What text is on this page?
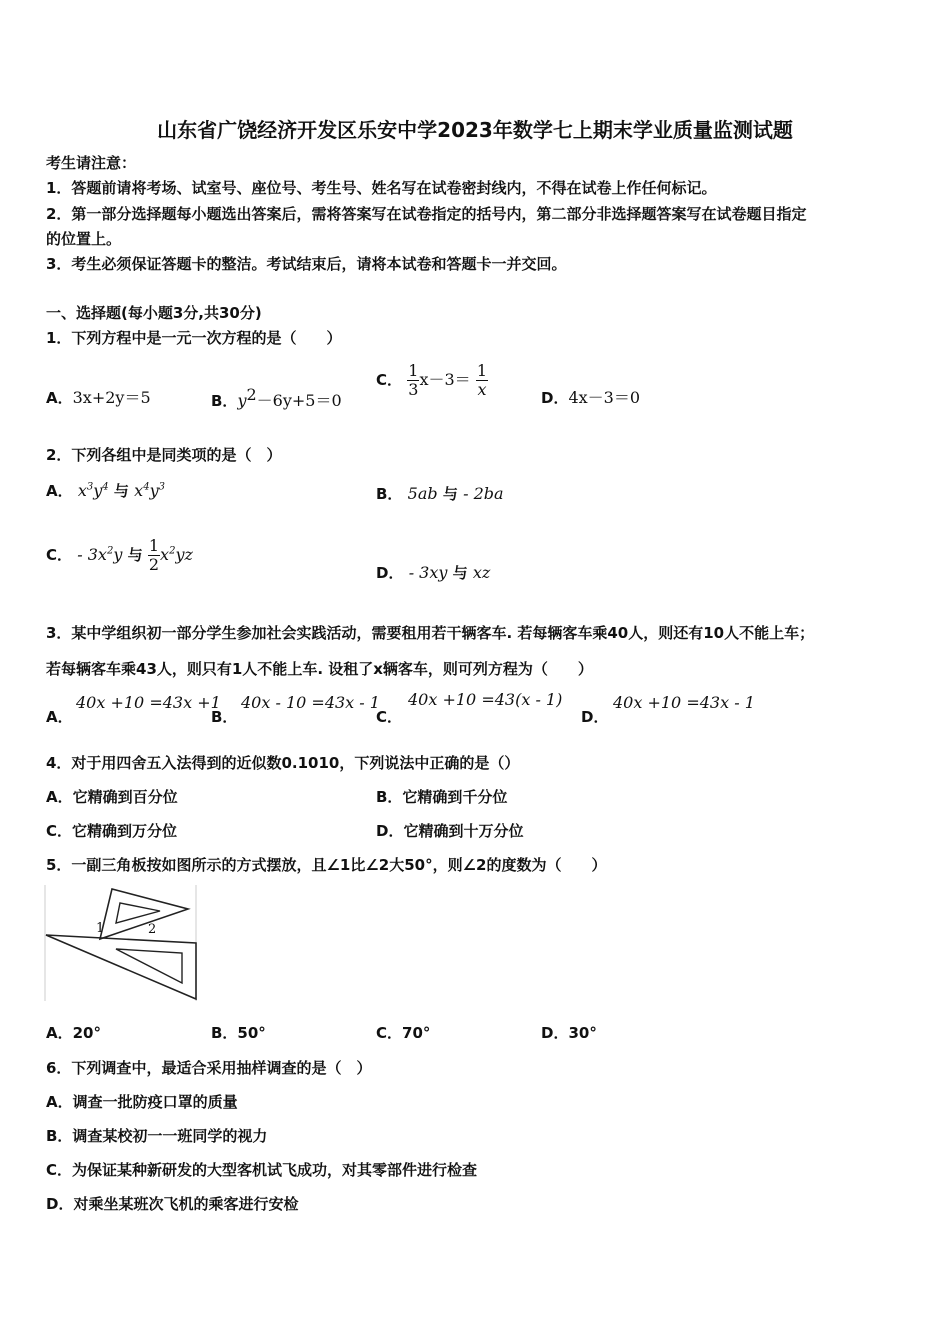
山东省广饶经济开发区乐安中学2023年数学七上期末学业质量监测试题
考生请注意：
1．答题前请将考场、试室号、座位号、考生号、姓名写在试卷密封线内，不得在试卷上作任何标记。
2．第一部分选择题每小题选出答案后，需将答案写在试卷指定的括号内，第二部分非选择题答案写在试卷题目指定
的位置上。
3．考生必须保证答题卡的整洁。考试结束后，请将本试卷和答题卡一并交回。
一、选择题(每小题3分,共30分)
1．下列方程中是一元一次方程的是（　　）
A．3x+2y＝5	B．$y^2-6y+5=0$
C． $\frac{1}{3} x-3= \frac{1}{x}$	D．4x－3＝0
2．下列各组中是同类项的是（　）
A． $x^3y^4$ 与 $x^4y^3$	B． 5ab 与 - 2ba
C． - $3x^2y$ 与 $\frac{1}{2} x^2yz$
D． - 3xy 与 xz
3．某中学组织初一部分学生参加社会实践活动，需要租用若干辆客车. 若每辆客车乘40人，则还有10人不能上车；
若每辆客车乘43人，则只有1人不能上车. 设租了x辆客车，则可列方程为（　　）
A．
40x +10 =43x +1
B．
40x - 10 =43x - 1
C．
40x +10 =43(x - 1)
D．
40x +10 =43x - 1
4．对于用四舍五入法得到的近似数0.1010，下列说法中正确的是（）
A．它精确到百分位	B．它精确到千分位
C．它精确到万分位	D．它精确到十万分位
5．一副三角板按如图所示的方式摆放，且∠1比∠2大50°，则∠2的度数为（　　）
1	2
A．20°	B．50°	C．70°	D．30°
6．下列调查中，最适合采用抽样调查的是（　）
A．调查一批防疫口罩的质量
B．调查某校初一一班同学的视力
C．为保证某种新研发的大型客机试飞成功，对其零部件进行检查
D．对乘坐某班次飞机的乘客进行安检
